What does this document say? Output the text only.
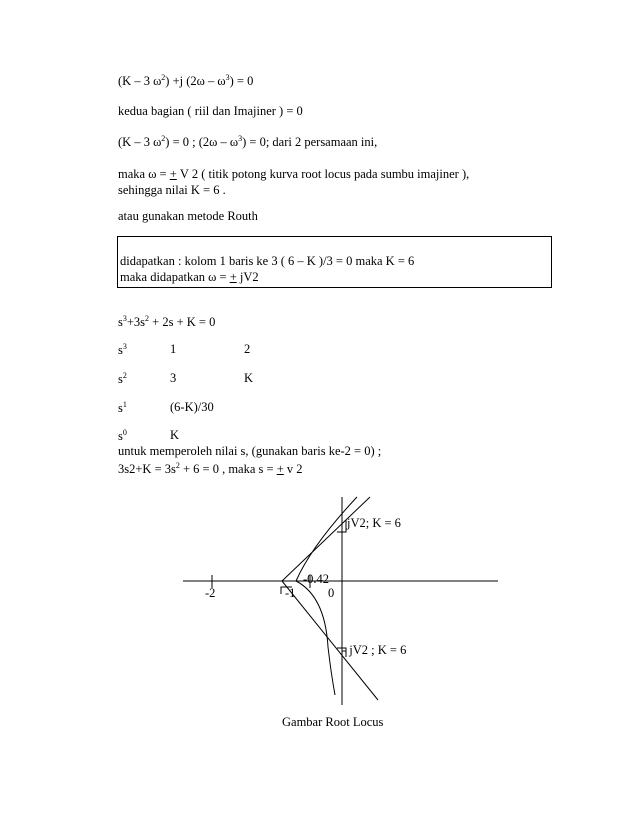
(K – 3 $\omega^2) +j$ $(2\omega - \omega^3) = 0$
kedua bagian ( riil dan Imajiner ) = 0
(K – 3 $\omega^2) = 0$ ; $(2\omega - \omega^3) = 0$; dari 2 persamaan ini,
maka ω = + V 2 ( titik potong kurva root locus pada sumbu imajiner ),
sehingga nilai K = 6 .
atau gunakan metode Routh
didapatkan : kolom 1 baris ke 3 ( 6 – K )/3 = 0 maka K = 6
maka didapatkan ω = + jV2
$s^3+3s^2 + 2s + K = 0$
$s^3$	1	2
$s^2$	3	K
$s^1$	(6-K)/30
$s^0$	K
untuk memperoleh nilai s, (gunakan baris ke-2 = 0) ;
$3s2+K = 3s^2 + 6 = 0$ , maka s = + v 2
-2	-1	0
-0.42
jV2; K = 6
- jV2 ; K = 6
Gambar Root Locus
